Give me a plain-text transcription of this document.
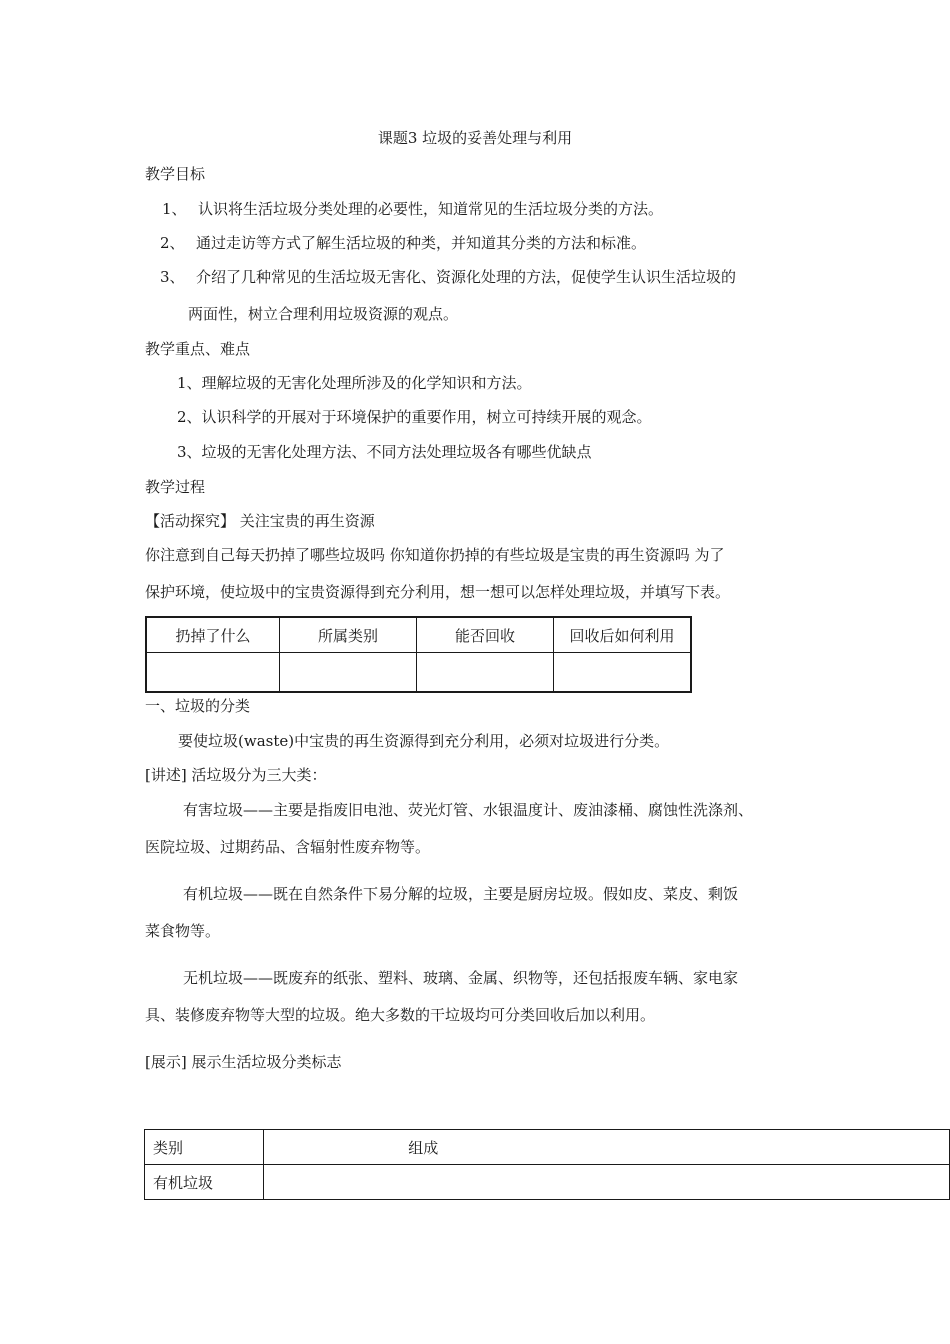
课题3 垃圾的妥善处理与利用
教学目标
1、 认识将生活垃圾分类处理的必要性，知道常见的生活垃圾分类的方法。
2、 通过走访等方式了解生活垃圾的种类，并知道其分类的方法和标准。
3、 介绍了几种常见的生活垃圾无害化、资源化处理的方法，促使学生认识生活垃圾的
两面性，树立合理利用垃圾资源的观点。
教学重点、难点
1、理解垃圾的无害化处理所涉及的化学知识和方法。
2、认识科学的开展对于环境保护的重要作用，树立可持续开展的观念。
3、垃圾的无害化处理方法、不同方法处理垃圾各有哪些优缺点
教学过程
【活动探究】 关注宝贵的再生资源
你注意到自己每天扔掉了哪些垃圾吗 你知道你扔掉的有些垃圾是宝贵的再生资源吗 为了
保护环境，使垃圾中的宝贵资源得到充分利用，想一想可以怎样处理垃圾，并填写下表。
扔掉了什么	所属类别	能否回收	回收后如何利用

一、垃圾的分类
要使垃圾(waste)中宝贵的再生资源得到充分利用，必须对垃圾进行分类。
[讲述] 活垃圾分为三大类：
有害垃圾——主要是指废旧电池、荧光灯管、水银温度计、废油漆桶、腐蚀性洗涤剂、
医院垃圾、过期药品、含辐射性废弃物等。
有机垃圾——既在自然条件下易分解的垃圾，主要是厨房垃圾。假如皮、菜皮、剩饭
菜食物等。
无机垃圾——既废弃的纸张、塑料、玻璃、金属、织物等，还包括报废车辆、家电家
具、装修废弃物等大型的垃圾。绝大多数的干垃圾均可分类回收后加以利用。
[展示] 展示生活垃圾分类标志
类别	组成
有机垃圾	
